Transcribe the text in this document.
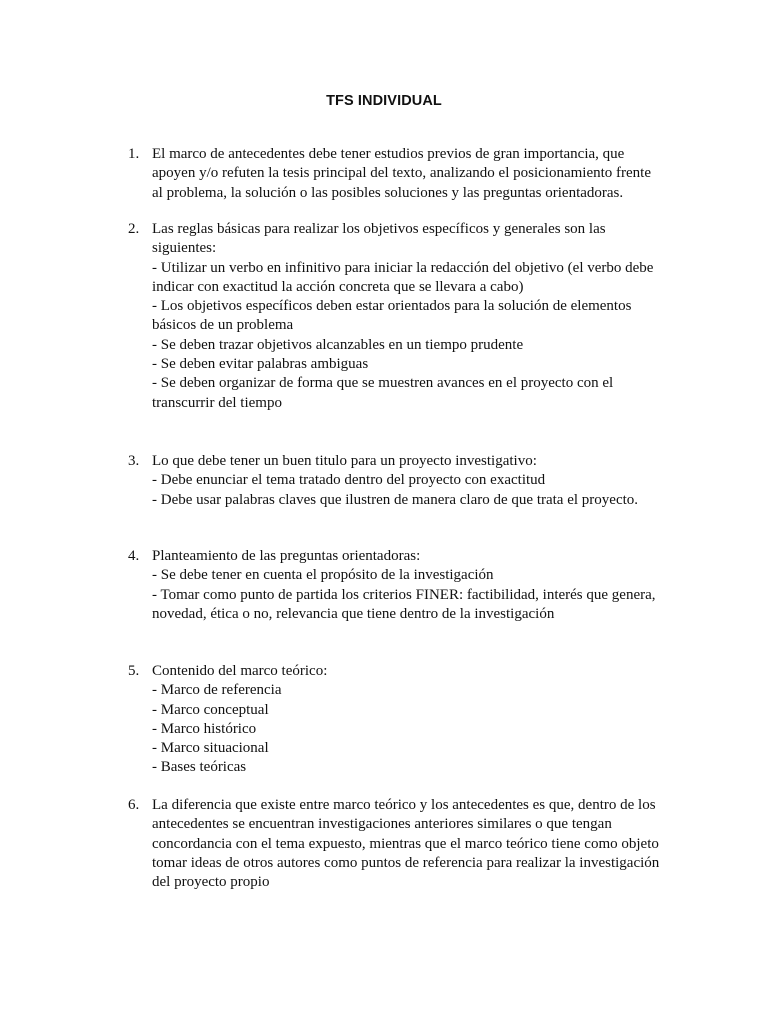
TFS INDIVIDUAL
1. El marco de antecedentes debe tener estudios previos de gran importancia, que
apoyen y/o refuten la tesis principal del texto, analizando el posicionamiento frente
al problema, la solución o las posibles soluciones y las preguntas orientadoras.
2. Las reglas básicas para realizar los objetivos específicos y generales son las
siguientes:
- Utilizar un verbo en infinitivo para iniciar la redacción del objetivo (el verbo debe
indicar con exactitud la acción concreta que se llevara a cabo)
- Los objetivos específicos deben estar orientados para la solución de elementos
básicos de un problema
- Se deben trazar objetivos alcanzables en un tiempo prudente
- Se deben evitar palabras ambiguas
- Se deben organizar de forma que se muestren avances en el proyecto con el
transcurrir del tiempo
3. Lo que debe tener un buen titulo para un proyecto investigativo:
- Debe enunciar el tema tratado dentro del proyecto con exactitud
- Debe usar palabras claves que ilustren de manera claro de que trata el proyecto.
4. Planteamiento de las preguntas orientadoras:
- Se debe tener en cuenta el propósito de la investigación
- Tomar como punto de partida los criterios FINER: factibilidad, interés que genera,
novedad, ética o no, relevancia que tiene dentro de la investigación
5. Contenido del marco teórico:
- Marco de referencia
- Marco conceptual
- Marco histórico
- Marco situacional
- Bases teóricas
6. La diferencia que existe entre marco teórico y los antecedentes es que, dentro de los
antecedentes se encuentran investigaciones anteriores similares o que tengan
concordancia con el tema expuesto, mientras que el marco teórico tiene como objeto
tomar ideas de otros autores como puntos de referencia para realizar la investigación
del proyecto propio
